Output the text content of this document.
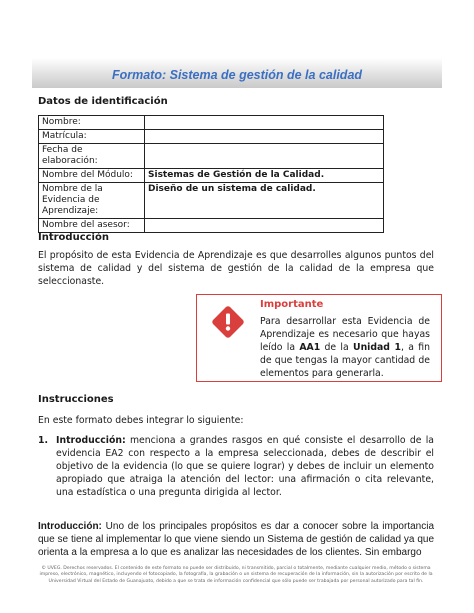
Formato: Sistema de gestión de la calidad
Datos de identificación
Nombre:	
Matrícula:	
Fecha de elaboración:	
Nombre del Módulo:	Sistemas de Gestión de la Calidad.
Nombre de la Evidencia de Aprendizaje:	Diseño de un sistema de calidad.
Nombre del asesor:	
Introducción
El propósito de esta Evidencia de Aprendizaje es que desarrolles algunos puntos del sistema de calidad y del sistema de gestión de la calidad de la empresa que seleccionaste.
Importante
Para desarrollar esta Evidencia de Aprendizaje es necesario que hayas leído la AA1 de la Unidad 1, a fin de que tengas la mayor cantidad de elementos para generarla.
Instrucciones
En este formato debes integrar lo siguiente:
1. Introducción: menciona a grandes rasgos en qué consiste el desarrollo de la evidencia EA2 con respecto a la empresa seleccionada, debes de describir el objetivo de la evidencia (lo que se quiere lograr) y debes de incluir un elemento apropiado que atraiga la atención del lector: una afirmación o cita relevante, una estadística o una pregunta dirigida al lector.
Introducción: Uno de los principales propósitos es dar a conocer sobre la importancia que se tiene al implementar lo que viene siendo un Sistema de gestión de calidad ya que orienta a la empresa a lo que es analizar las necesidades de los clientes. Sin embargo
© UVEG. Derechos reservados. El contenido de este formato no puede ser distribuido, ni transmitido, parcial o totalmente, mediante cualquier medio, método o sistema impreso, electrónico, magnético, incluyendo el fotocopiado, la fotografía, la grabación o un sistema de recuperación de la información, sin la autorización por escrito de la Universidad Virtual del Estado de Guanajuato, debido a que se trata de información confidencial que sólo puede ser trabajada por personal autorizado para tal fin.
